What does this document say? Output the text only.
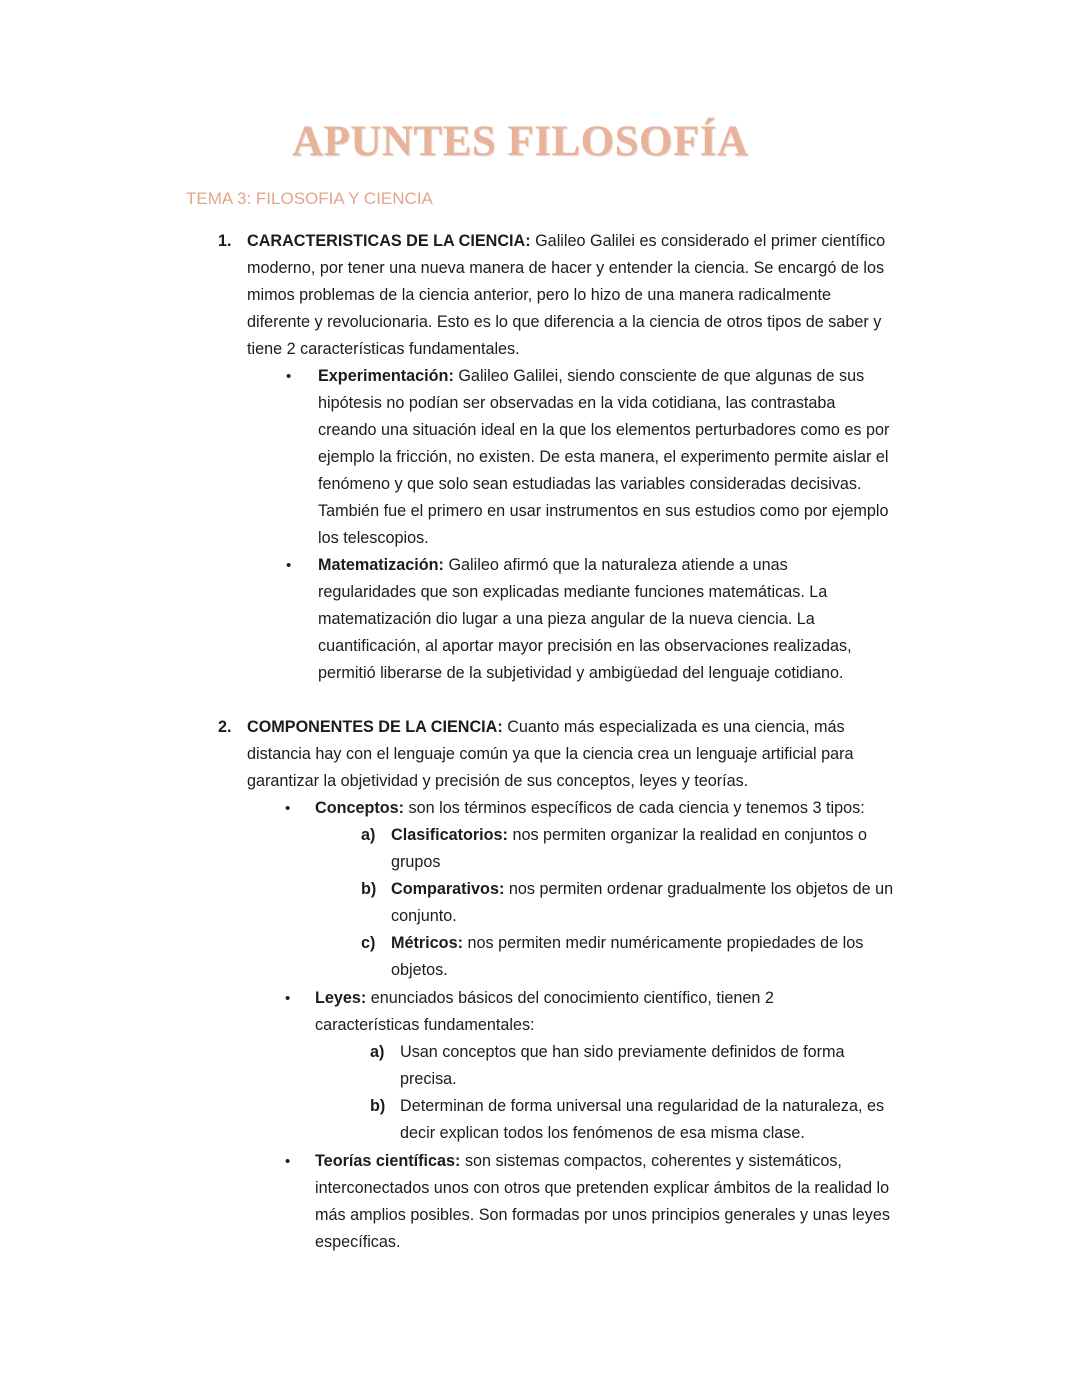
APUNTES FILOSOFÍA
TEMA 3: FILOSOFIA Y CIENCIA
1. CARACTERISTICAS DE LA CIENCIA: Galileo Galilei es considerado el primer científico moderno, por tener una nueva manera de hacer y entender la ciencia. Se encargó de los mimos problemas de la ciencia anterior, pero lo hizo de una manera radicalmente diferente y revolucionaria. Esto es lo que diferencia a la ciencia de otros tipos de saber y tiene 2 características fundamentales.

• Experimentación: Galileo Galilei, siendo consciente de que algunas de sus hipótesis no podían ser observadas en la vida cotidiana, las contrastaba creando una situación ideal en la que los elementos perturbadores como es por ejemplo la fricción, no existen. De esta manera, el experimento permite aislar el fenómeno y que solo sean estudiadas las variables consideradas decisivas. También fue el primero en usar instrumentos en sus estudios como por ejemplo los telescopios.

• Matematización: Galileo afirmó que la naturaleza atiende a unas regularidades que son explicadas mediante funciones matemáticas. La matematización dio lugar a una pieza angular de la nueva ciencia. La cuantificación, al aportar mayor precisión en las observaciones realizadas, permitió liberarse de la subjetividad y ambigüedad del lenguaje cotidiano.

2. COMPONENTES DE LA CIENCIA: Cuanto más especializada es una ciencia, más distancia hay con el lenguaje común ya que la ciencia crea un lenguaje artificial para garantizar la objetividad y precisión de sus conceptos, leyes y teorías.

• Conceptos: son los términos específicos de cada ciencia y tenemos 3 tipos:

a) Clasificatorios: nos permiten organizar la realidad en conjuntos o grupos

b) Comparativos: nos permiten ordenar gradualmente los objetos de un conjunto.

c) Métricos: nos permiten medir numéricamente propiedades de los objetos.

• Leyes: enunciados básicos del conocimiento científico, tienen 2 características fundamentales:

a) Usan conceptos que han sido previamente definidos de forma precisa.

b) Determinan de forma universal una regularidad de la naturaleza, es decir explican todos los fenómenos de esa misma clase.

• Teorías científicas: son sistemas compactos, coherentes y sistemáticos, interconectados unos con otros que pretenden explicar ámbitos de la realidad lo más amplios posibles. Son formadas por unos principios generales y unas leyes específicas.
